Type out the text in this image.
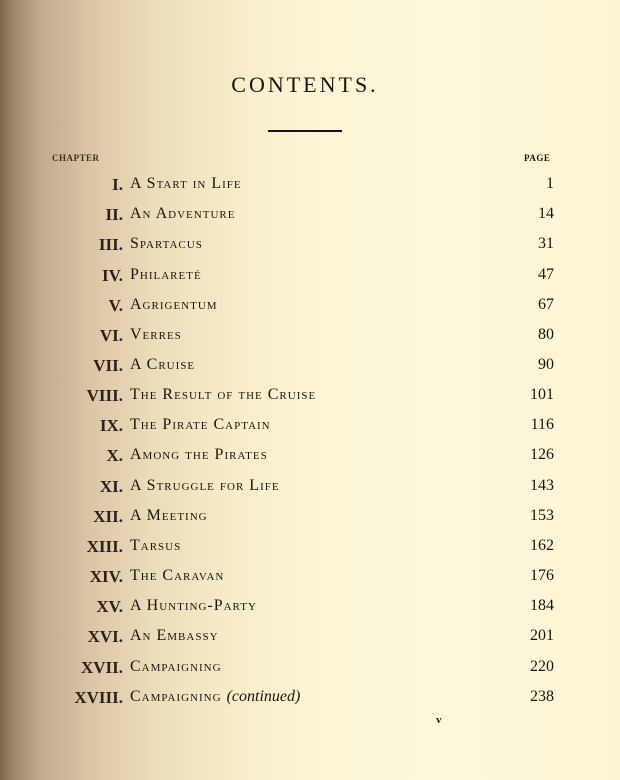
CONTENTS.
CHAPTER	PAGE
I. A Start in Life	1
II. An Adventure	14
III. Spartacus	31
IV. Philareté	47
V. Agrigentum	67
VI. Verres	80
VII. A Cruise	90
VIII. The Result of the Cruise	101
IX. The Pirate Captain	116
X. Among the Pirates	126
XI. A Struggle for Life	143
XII. A Meeting	153
XIII. Tarsus	162
XIV. The Caravan	176
XV. A Hunting-Party	184
XVI. An Embassy	201
XVII. Campaigning	220
XVIII. Campaigning (continued)	238
v
